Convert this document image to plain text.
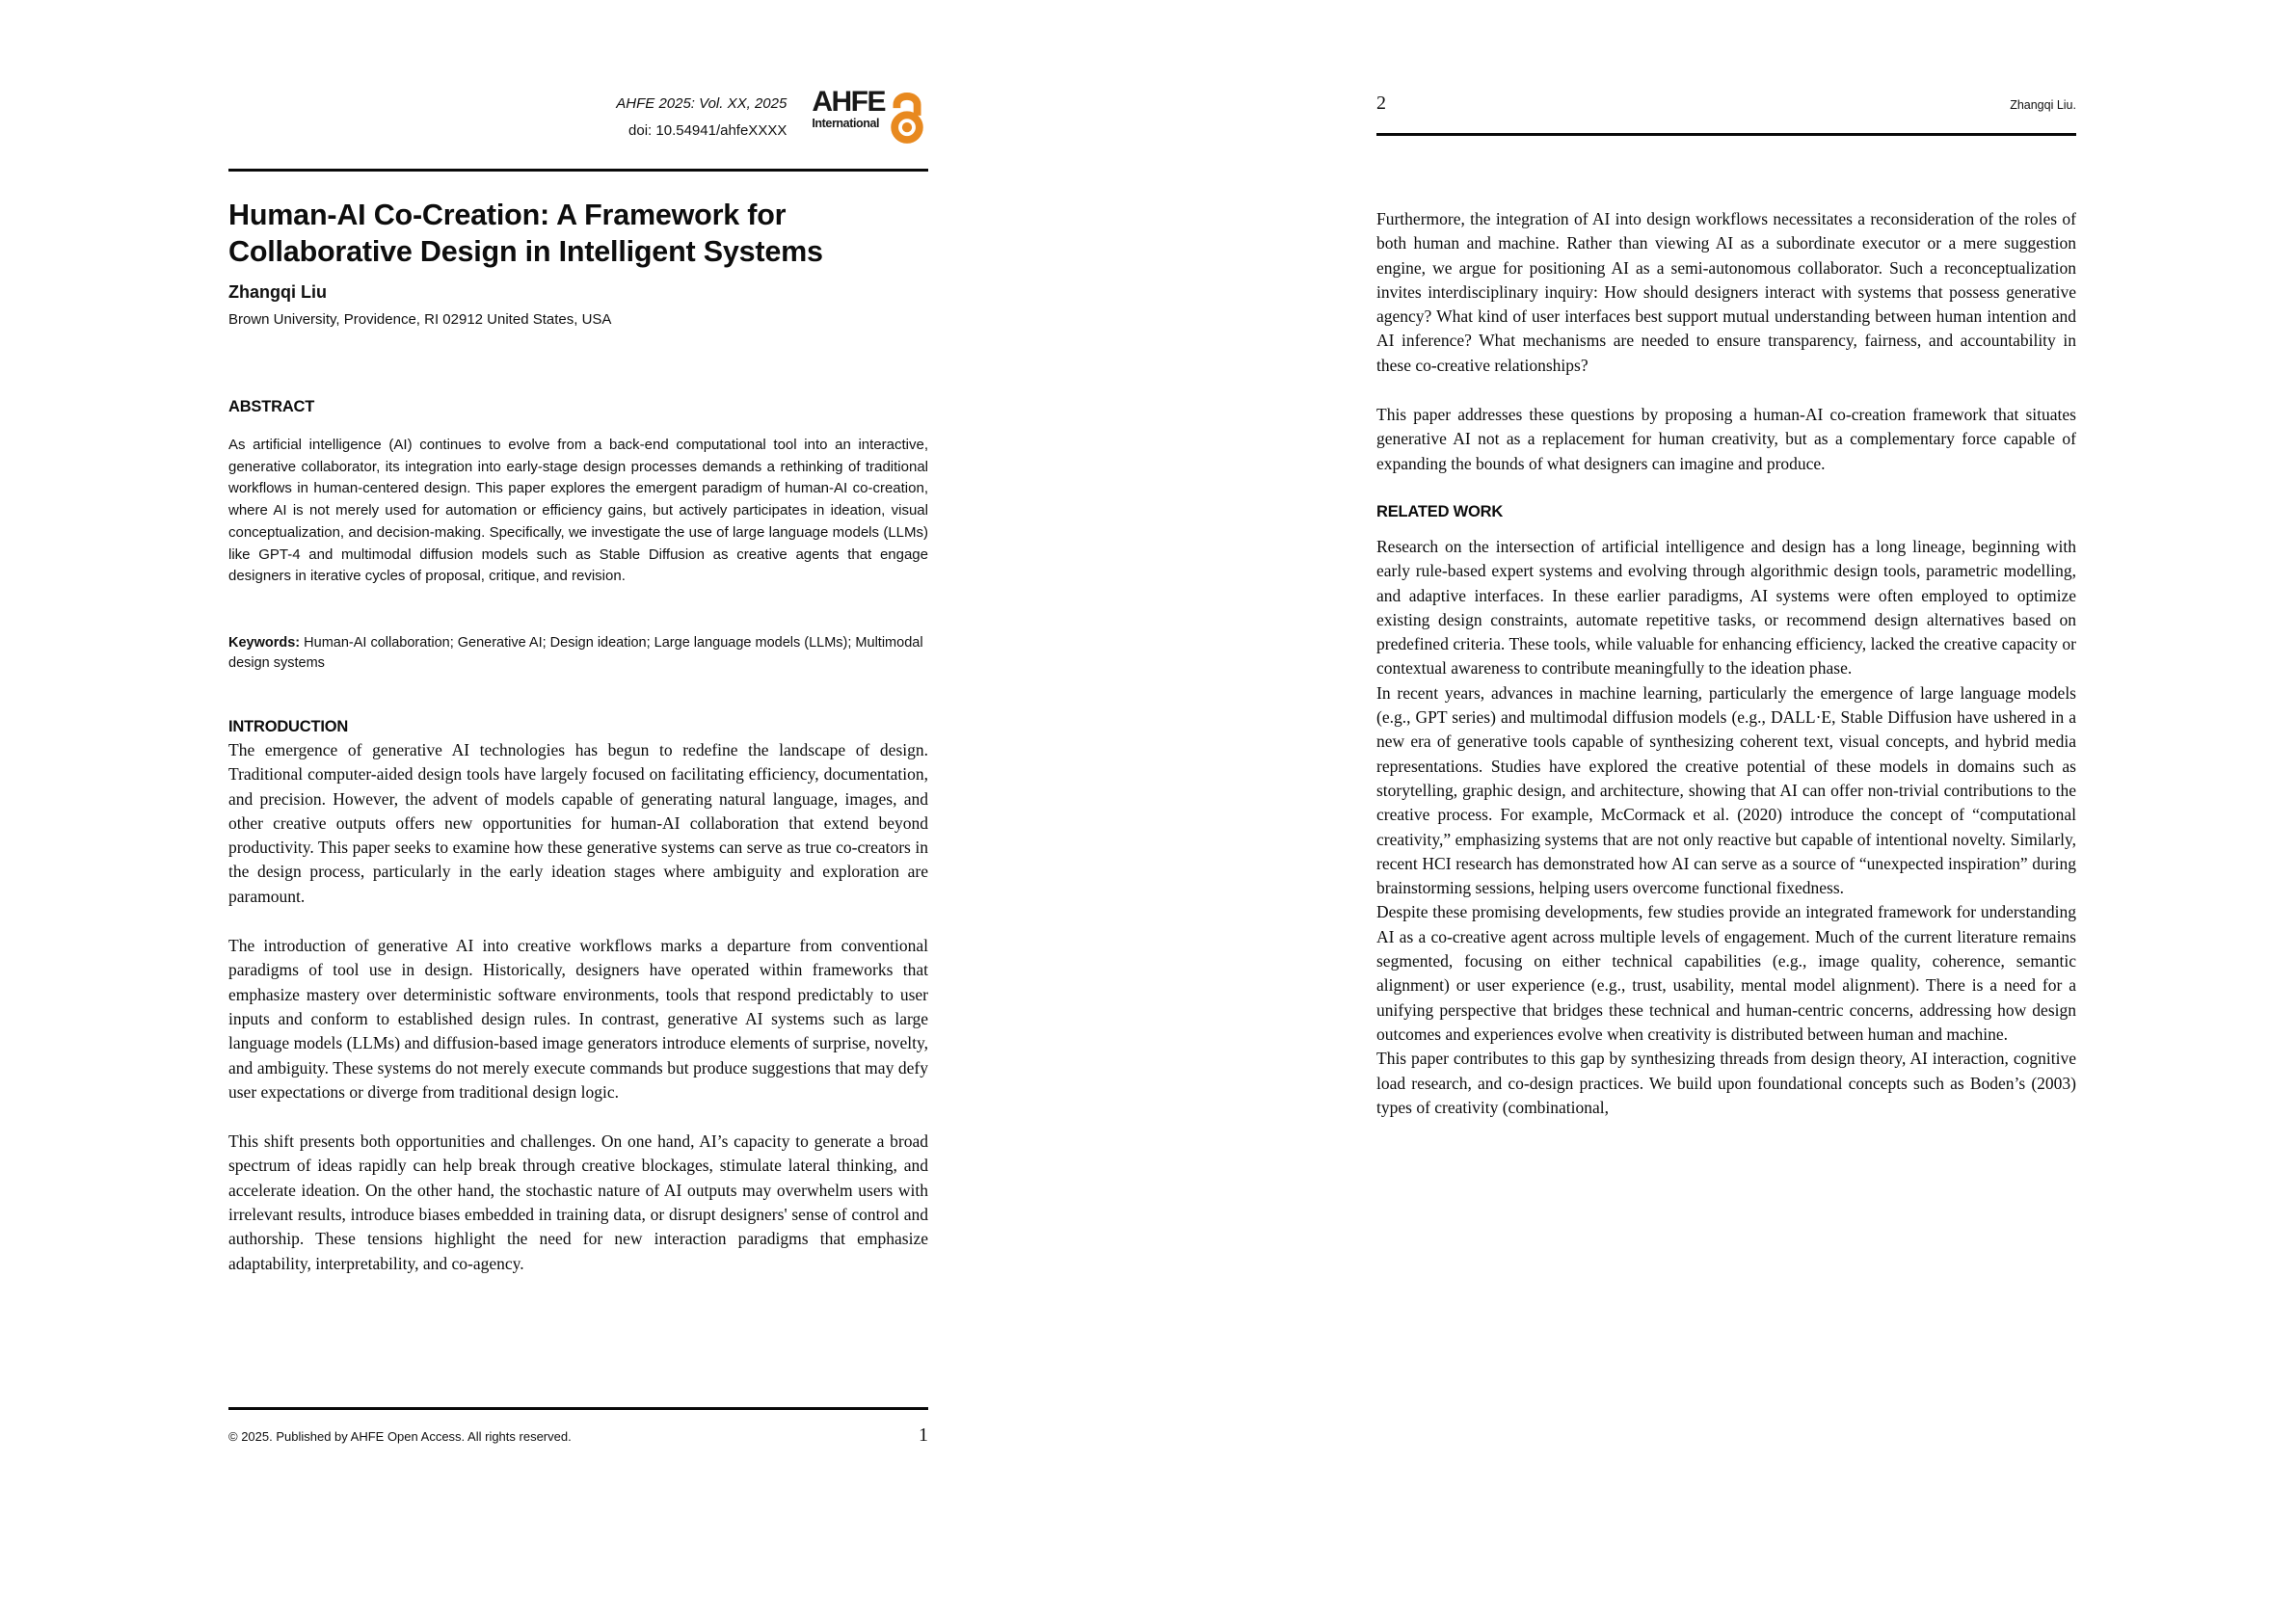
AHFE 2025: Vol. XX, 2025
doi: 10.54941/ahfeXXXX
AHFE
International
Human-AI Co-Creation: A Framework for
Collaborative Design in Intelligent Systems
Zhangqi Liu
Brown University, Providence, RI 02912 United States, USA
ABSTRACT

As artificial intelligence (AI) continues to evolve from a back-end computational tool into an interactive, generative collaborator, its integration into early-stage design processes demands a rethinking of traditional workflows in human-centered design. This paper explores the emergent paradigm of human-AI co-creation, where AI is not merely used for automation or efficiency gains, but actively participates in ideation, visual conceptualization, and decision-making. Specifically, we investigate the use of large language models (LLMs) like GPT-4 and multimodal diffusion models such as Stable Diffusion as creative agents that engage designers in iterative cycles of proposal, critique, and revision.

Keywords: Human-AI collaboration; Generative AI; Design ideation; Large language models (LLMs); Multimodal design systems

INTRODUCTION

The emergence of generative AI technologies has begun to redefine the landscape of design. Traditional computer-aided design tools have largely focused on facilitating efficiency, documentation, and precision. However, the advent of models capable of generating natural language, images, and other creative outputs offers new opportunities for human-AI collaboration that extend beyond productivity. This paper seeks to examine how these generative systems can serve as true co-creators in the design process, particularly in the early ideation stages where ambiguity and exploration are paramount.

The introduction of generative AI into creative workflows marks a departure from conventional paradigms of tool use in design. Historically, designers have operated within frameworks that emphasize mastery over deterministic software environments, tools that respond predictably to user inputs and conform to established design rules. In contrast, generative AI systems such as large language models (LLMs) and diffusion-based image generators introduce elements of surprise, novelty, and ambiguity. These systems do not merely execute commands but produce suggestions that may defy user expectations or diverge from traditional design logic.

This shift presents both opportunities and challenges. On one hand, AI’s capacity to generate a broad spectrum of ideas rapidly can help break through creative blockages, stimulate lateral thinking, and accelerate ideation. On the other hand, the stochastic nature of AI outputs may overwhelm users with irrelevant results, introduce biases embedded in training data, or disrupt designers' sense of control and authorship. These tensions highlight the need for new interaction paradigms that emphasize adaptability, interpretability, and co-agency.

© 2025. Published by AHFE Open Access. All rights reserved.	1
2	Zhangqi Liu.

Furthermore, the integration of AI into design workflows necessitates a reconsideration of the roles of both human and machine. Rather than viewing AI as a subordinate executor or a mere suggestion engine, we argue for positioning AI as a semi-autonomous collaborator. Such a reconceptualization invites interdisciplinary inquiry: How should designers interact with systems that possess generative agency? What kind of user interfaces best support mutual understanding between human intention and AI inference? What mechanisms are needed to ensure transparency, fairness, and accountability in these co-creative relationships?

This paper addresses these questions by proposing a human-AI co-creation framework that situates generative AI not as a replacement for human creativity, but as a complementary force capable of expanding the bounds of what designers can imagine and produce.

RELATED WORK

Research on the intersection of artificial intelligence and design has a long lineage, beginning with early rule-based expert systems and evolving through algorithmic design tools, parametric modelling, and adaptive interfaces. In these earlier paradigms, AI systems were often employed to optimize existing design constraints, automate repetitive tasks, or recommend design alternatives based on predefined criteria. These tools, while valuable for enhancing efficiency, lacked the creative capacity or contextual awareness to contribute meaningfully to the ideation phase.

In recent years, advances in machine learning, particularly the emergence of large language models (e.g., GPT series) and multimodal diffusion models (e.g., DALL·E, Stable Diffusion have ushered in a new era of generative tools capable of synthesizing coherent text, visual concepts, and hybrid media representations. Studies have explored the creative potential of these models in domains such as storytelling, graphic design, and architecture, showing that AI can offer non-trivial contributions to the creative process. For example, McCormack et al. (2020) introduce the concept of “computational creativity,” emphasizing systems that are not only reactive but capable of intentional novelty. Similarly, recent HCI research has demonstrated how AI can serve as a source of “unexpected inspiration” during brainstorming sessions, helping users overcome functional fixedness.

Despite these promising developments, few studies provide an integrated framework for understanding AI as a co-creative agent across multiple levels of engagement. Much of the current literature remains segmented, focusing on either technical capabilities (e.g., image quality, coherence, semantic alignment) or user experience (e.g., trust, usability, mental model alignment). There is a need for a unifying perspective that bridges these technical and human-centric concerns, addressing how design outcomes and experiences evolve when creativity is distributed between human and machine.

This paper contributes to this gap by synthesizing threads from design theory, AI interaction, cognitive load research, and co-design practices. We build upon foundational concepts such as Boden’s (2003) types of creativity (combinational,
